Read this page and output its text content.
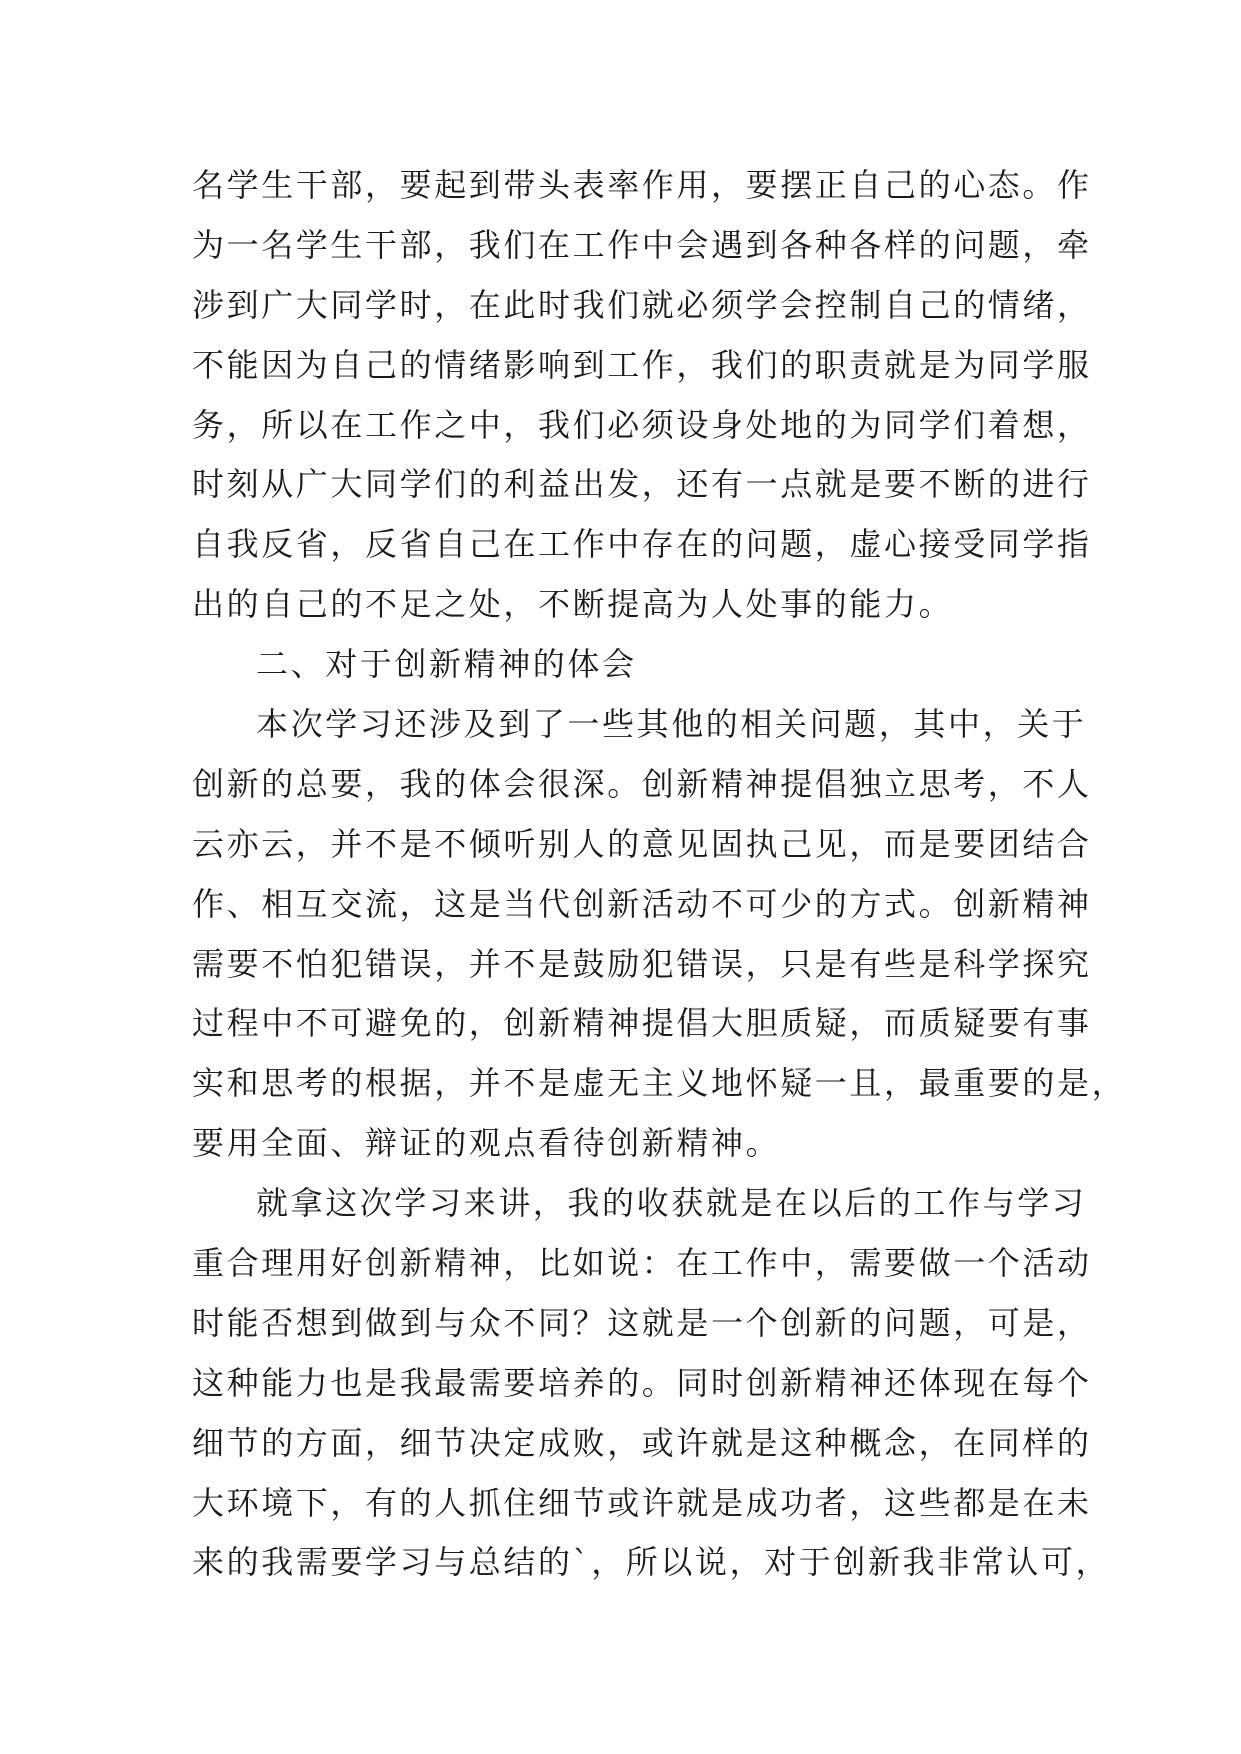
名学生干部，要起到带头表率作用，要摆正自己的心态。作
为一名学生干部，我们在工作中会遇到各种各样的问题，牵
涉到广大同学时，在此时我们就必须学会控制自己的情绪，
不能因为自己的情绪影响到工作，我们的职责就是为同学服
务，所以在工作之中，我们必须设身处地的为同学们着想，
时刻从广大同学们的利益出发，还有一点就是要不断的进行
自我反省，反省自己在工作中存在的问题，虚心接受同学指
出的自己的不足之处，不断提高为人处事的能力。
二、对于创新精神的体会
本次学习还涉及到了一些其他的相关问题，其中，关于
创新的总要，我的体会很深。创新精神提倡独立思考，不人
云亦云，并不是不倾听别人的意见固执己见，而是要团结合
作、相互交流，这是当代创新活动不可少的方式。创新精神
需要不怕犯错误，并不是鼓励犯错误，只是有些是科学探究
过程中不可避免的，创新精神提倡大胆质疑，而质疑要有事
实和思考的根据，并不是虚无主义地怀疑一且，最重要的是，
要用全面、辩证的观点看待创新精神。
就拿这次学习来讲，我的收获就是在以后的工作与学习
重合理用好创新精神，比如说：在工作中，需要做一个活动
时能否想到做到与众不同？这就是一个创新的问题，可是，
这种能力也是我最需要培养的。同时创新精神还体现在每个
细节的方面，细节决定成败，或许就是这种概念，在同样的
大环境下，有的人抓住细节或许就是成功者，这些都是在未
来的我需要学习与总结的`，所以说，对于创新我非常认可，
